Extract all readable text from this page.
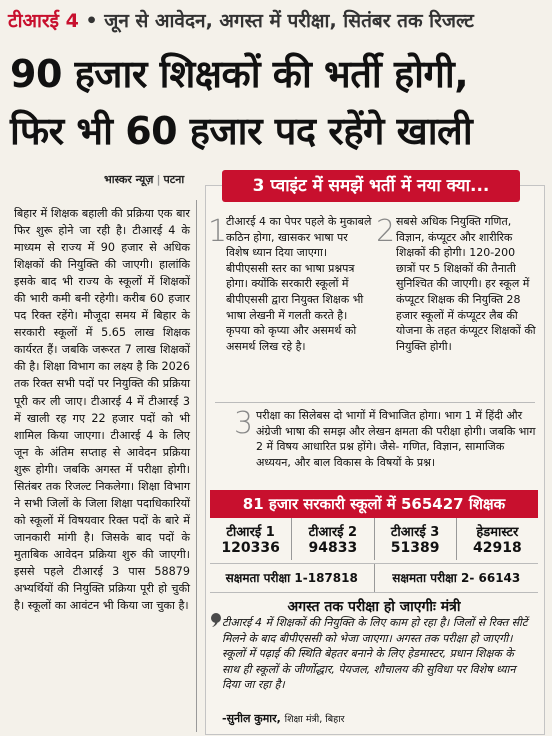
टीआरई 4 • जून से आवेदन, अगस्त में परीक्षा, सितंबर तक रिजल्ट
90 हजार शिक्षकों की भर्ती होगी,
फिर भी 60 हजार पद रहेंगे खाली
भास्कर न्यूज़ | पटना
बिहार में शिक्षक बहाली की प्रक्रिया एक बार फिर शुरू होने जा रही है। टीआरई 4 के माध्यम से राज्य में 90 हजार से अधिक शिक्षकों की नियुक्ति की जाएगी। हालांकि इसके बाद भी राज्य के स्कूलों में शिक्षकों की भारी कमी बनी रहेगी। करीब 60 हजार पद रिक्त रहेंगे। मौजूदा समय में बिहार के सरकारी स्कूलों में 5.65 लाख शिक्षक कार्यरत हैं। जबकि जरूरत 7 लाख शिक्षकों की है। शिक्षा विभाग का लक्ष्य है कि 2026 तक रिक्त सभी पदों पर नियुक्ति की प्रक्रिया पूरी कर ली जाए। टीआरई 4 में टीआरई 3 में खाली रह गए 22 हजार पदों को भी शामिल किया जाएगा। टीआरई 4 के लिए जून के अंतिम सप्ताह से आवेदन प्रक्रिया शुरू होगी। जबकि अगस्त में परीक्षा होगी। सितंबर तक रिजल्ट निकलेगा। शिक्षा विभाग ने सभी जिलों के जिला शिक्षा पदाधिकारियों को स्कूलों में विषयवार रिक्त पदों के बारे में जानकारी मांगी है। जिसके बाद पदों के मुताबिक आवेदन प्रक्रिया शुरु की जाएगी। इससे पहले टीआरई 3 पास 58879 अभ्यर्थियों की नियुक्ति प्रक्रिया पूरी हो चुकी है। स्कूलों का आवंटन भी किया जा चुका है।
3 प्वाइंट में समझें भर्ती में नया क्या...
1
टीआरई 4 का पेपर पहले के मुकाबले कठिन होगा, खासकर भाषा पर विशेष ध्यान दिया जाएगा। बीपीएससी स्तर का भाषा प्रश्नपत्र होगा। क्योंकि सरकारी स्कूलों में बीपीएससी द्वारा नियुक्त शिक्षक भी भाषा लेखनी में गलती करते है। कृपया को कृप्या और असमर्थ को असमर्थ लिख रहे है।
2 सबसे अधिक नियुक्ति गणित, विज्ञान, कंप्यूटर और शारीरिक शिक्षकों की होगी। 120-200 छात्रों पर 5 शिक्षकों की तैनाती सुनिश्चित की जाएगी। हर स्कूल में कंप्यूटर शिक्षक की नियुक्ति 28 हजार स्कूलों में कंप्यूटर लैब की योजना के तहत कंप्यूटर शिक्षकों की नियुक्ति होगी।
3 परीक्षा का सिलेबस दो भागों में विभाजित होगा। भाग 1 में हिंदी और अंग्रेजी भाषा की समझ और लेखन क्षमता की परीक्षा होगी। जबकि भाग 2 में विषय आधारित प्रश्न होंगे। जैसे- गणित, विज्ञान, सामाजिक अध्ययन, और बाल विकास के विषयों के प्रश्न।
81 हजार सरकारी स्कूलों में 565427 शिक्षक
टीआरई 1
120336
टीआरई 2
94833
टीआरई 3
51389
हेडमास्टर
42918
सक्षमता परीक्षा 1-187818	सक्षमता परीक्षा 2- 66143
अगस्त तक परीक्षा हो जाएगीः मंत्री
टीआरई 4 में शिक्षकों की नियुक्ति के लिए काम हो रहा है। जिलों से रिक्त सीटें मिलने के बाद बीपीएससी को भेजा जाएगा। अगस्त तक परीक्षा हो जाएगी। स्कूलों में पढ़ाई की स्थिति बेहतर बनाने के लिए हेडमास्टर, प्रधान शिक्षक के साथ ही स्कूलों के जीर्णोद्धार, पेयजल, शौचालय की सुविधा पर विशेष ध्यान दिया जा रहा है।
-सुनील कुमार, शिक्षा मंत्री, बिहार
